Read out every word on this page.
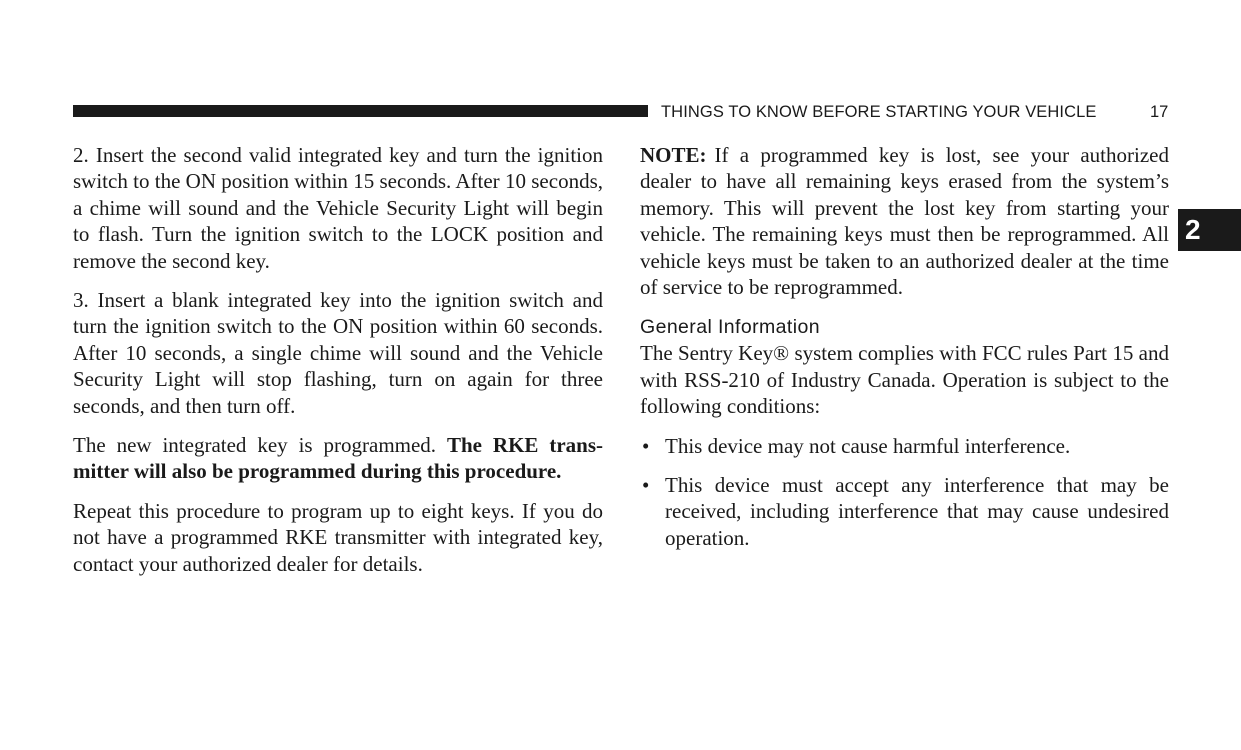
THINGS TO KNOW BEFORE STARTING YOUR VEHICLE	17
2

2. Insert the second valid integrated key and turn the ignition switch to the ON position within 15 seconds. After 10 seconds, a chime will sound and the Vehicle Security Light will begin to flash. Turn the ignition switch to the LOCK position and remove the second key.

3. Insert a blank integrated key into the ignition switch and turn the ignition switch to the ON position within 60 seconds. After 10 seconds, a single chime will sound and the Vehicle Security Light will stop flashing, turn on again for three seconds, and then turn off.

The new integrated key is programmed. The RKE transmitter will also be programmed during this procedure.

Repeat this procedure to program up to eight keys. If you do not have a programmed RKE transmitter with integrated key, contact your authorized dealer for details.

NOTE: If a programmed key is lost, see your authorized dealer to have all remaining keys erased from the system’s memory. This will prevent the lost key from starting your vehicle. The remaining keys must then be reprogrammed. All vehicle keys must be taken to an authorized dealer at the time of service to be reprogrammed.

General Information

The Sentry Key® system complies with FCC rules Part 15 and with RSS-210 of Industry Canada. Operation is subject to the following conditions:

• This device may not cause harmful interference.
• This device must accept any interference that may be received, including interference that may cause undesired operation.
